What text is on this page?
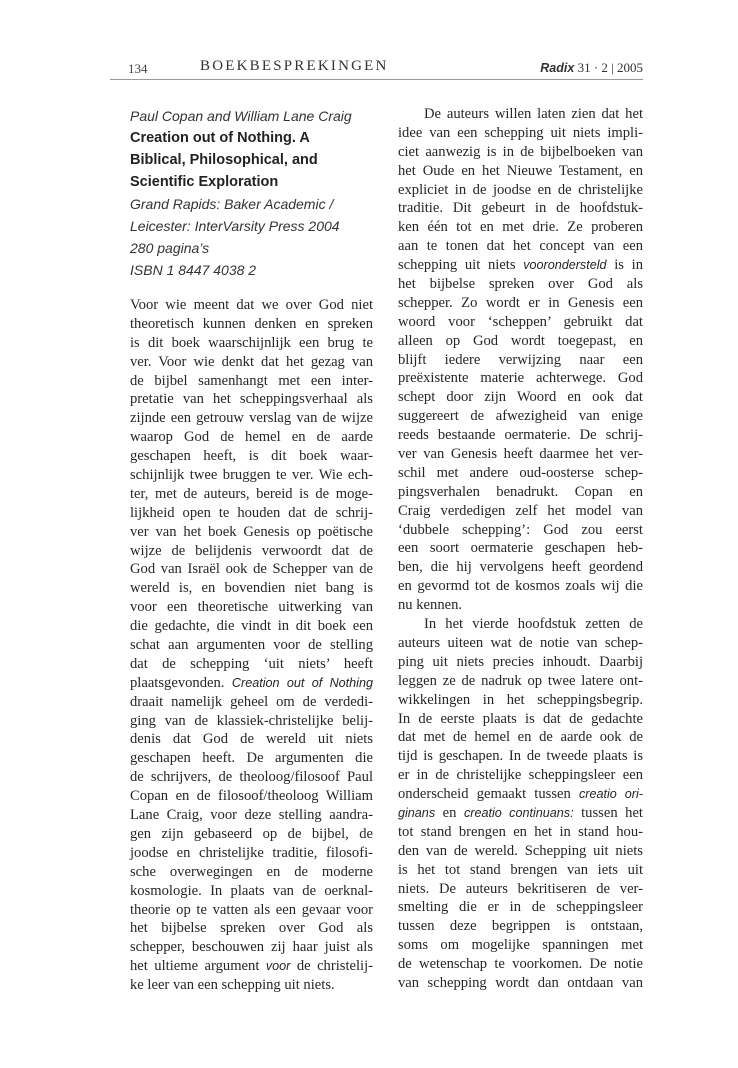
134	BOEKBESPREKINGEN	Radix 31 · 2 | 2005
Paul Copan and William Lane Craig
Creation out of Nothing. A
Biblical, Philosophical, and
Scientific Exploration
Grand Rapids: Baker Academic /
Leicester: InterVarsity Press 2004
280 pagina’s
ISBN 1 8447 4038 2
Voor wie meent dat we over God niet
theoretisch kunnen denken en spreken
is dit boek waarschijnlijk een brug te
ver. Voor wie denkt dat het gezag van
de bijbel samenhangt met een inter-
pretatie van het scheppingsverhaal als
zijnde een getrouw verslag van de wijze
waarop God de hemel en de aarde
geschapen heeft, is dit boek waar-
schijnlijk twee bruggen te ver. Wie ech-
ter, met de auteurs, bereid is de moge-
lijkheid open te houden dat de schrij-
ver van het boek Genesis op poëtische
wijze de belijdenis verwoordt dat de
God van Israël ook de Schepper van de
wereld is, en bovendien niet bang is
voor een theoretische uitwerking van
die gedachte, die vindt in dit boek een
schat aan argumenten voor de stelling
dat de schepping ‘uit niets’ heeft
plaatsgevonden. Creation out of Nothing
draait namelijk geheel om de verdedi-
ging van de klassiek-christelijke belij-
denis dat God de wereld uit niets
geschapen heeft. De argumenten die
de schrijvers, de theoloog/filosoof Paul
Copan en de filosoof/theoloog William
Lane Craig, voor deze stelling aandra-
gen zijn gebaseerd op de bijbel, de
joodse en christelijke traditie, filosofi-
sche overwegingen en de moderne
kosmologie. In plaats van de oerknal-
theorie op te vatten als een gevaar voor
het bijbelse spreken over God als
schepper, beschouwen zij haar juist als
het ultieme argument voor de christelij-
ke leer van een schepping uit niets.
De auteurs willen laten zien dat het
idee van een schepping uit niets impli-
ciet aanwezig is in de bijbelboeken van
het Oude en het Nieuwe Testament, en
expliciet in de joodse en de christelijke
traditie. Dit gebeurt in de hoofdstuk-
ken één tot en met drie. Ze proberen
aan te tonen dat het concept van een
schepping uit niets voorondersteld is in
het bijbelse spreken over God als
schepper. Zo wordt er in Genesis een
woord voor ‘scheppen’ gebruikt dat
alleen op God wordt toegepast, en
blijft iedere verwijzing naar een
preëxistente materie achterwege. God
schept door zijn Woord en ook dat
suggereert de afwezigheid van enige
reeds bestaande oermaterie. De schrij-
ver van Genesis heeft daarmee het ver-
schil met andere oud-oosterse schep-
pingsverhalen benadrukt. Copan en
Craig verdedigen zelf het model van
‘dubbele schepping’: God zou eerst
een soort oermaterie geschapen heb-
ben, die hij vervolgens heeft geordend
en gevormd tot de kosmos zoals wij die
nu kennen.
In het vierde hoofdstuk zetten de
auteurs uiteen wat de notie van schep-
ping uit niets precies inhoudt. Daarbij
leggen ze de nadruk op twee latere ont-
wikkelingen in het scheppingsbegrip.
In de eerste plaats is dat de gedachte
dat met de hemel en de aarde ook de
tijd is geschapen. In de tweede plaats is
er in de christelijke scheppingsleer een
onderscheid gemaakt tussen creatio ori-
ginans en creatio continuans: tussen het
tot stand brengen en het in stand hou-
den van de wereld. Schepping uit niets
is het tot stand brengen van iets uit
niets. De auteurs bekritiseren de ver-
smelting die er in de scheppingsleer
tussen deze begrippen is ontstaan,
soms om mogelijke spanningen met
de wetenschap te voorkomen. De notie
van schepping wordt dan ontdaan van
